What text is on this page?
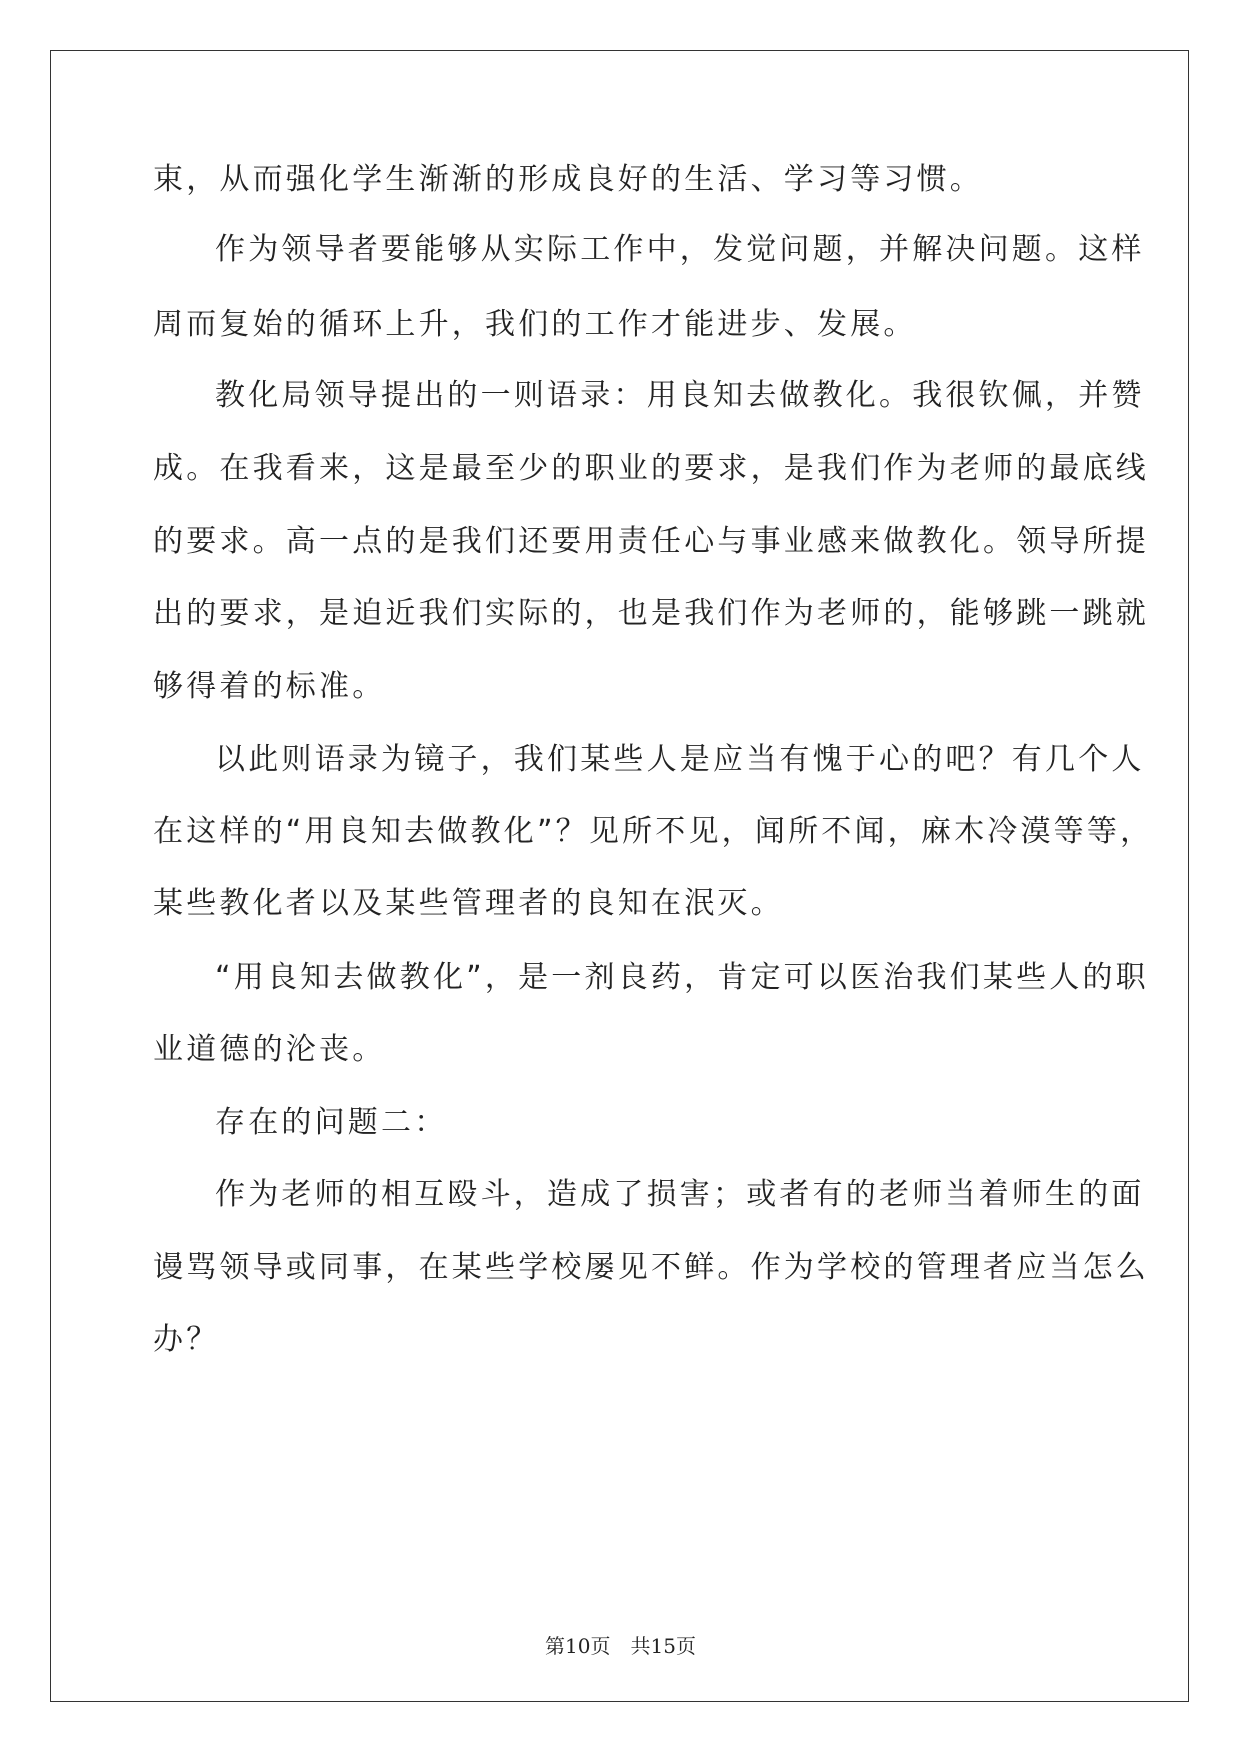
束，从而强化学生渐渐的形成良好的生活、学习等习惯。
作为领导者要能够从实际工作中，发觉问题，并解决问题。这样
周而复始的循环上升，我们的工作才能进步、发展。
教化局领导提出的一则语录：用良知去做教化。我很钦佩，并赞
成。在我看来，这是最至少的职业的要求，是我们作为老师的最底线
的要求。高一点的是我们还要用责任心与事业感来做教化。领导所提
出的要求，是迫近我们实际的，也是我们作为老师的，能够跳一跳就
够得着的标准。
以此则语录为镜子，我们某些人是应当有愧于心的吧？有几个人
在这样的“用良知去做教化”？见所不见，闻所不闻，麻木冷漠等等，
某些教化者以及某些管理者的良知在泯灭。
“用良知去做教化”，是一剂良药，肯定可以医治我们某些人的职
业道德的沦丧。
存在的问题二：
作为老师的相互殴斗，造成了损害；或者有的老师当着师生的面
谩骂领导或同事，在某些学校屡见不鲜。作为学校的管理者应当怎么
办？
第10页　共15页
